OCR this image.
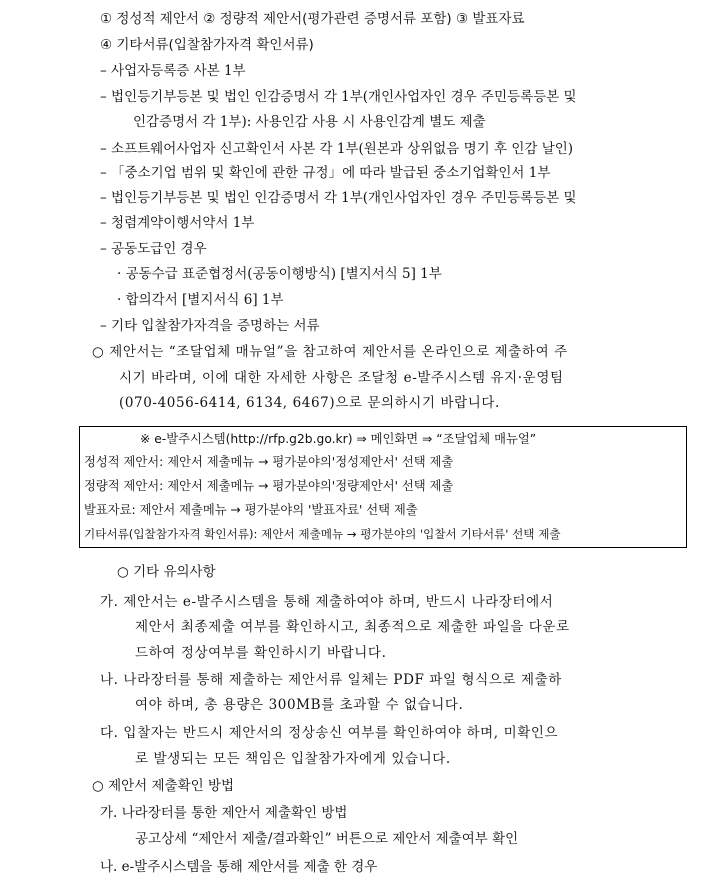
① 정성적 제안서 ② 정량적 제안서(평가관련 증명서류 포함) ③ 발표자료
④ 기타서류(입찰참가자격 확인서류)
– 사업자등록증 사본 1부
– 법인등기부등본 및 법인 인감증명서 각 1부(개인사업자인 경우 주민등록등본 및
인감증명서 각 1부): 사용인감 사용 시 사용인감계 별도 제출
– 소프트웨어사업자 신고확인서 사본 각 1부(원본과 상위없음 명기 후 인감 날인)
– 「중소기업 범위 및 확인에 관한 규정」에 따라 발급된 중소기업확인서 1부
– 법인등기부등본 및 법인 인감증명서 각 1부(개인사업자인 경우 주민등록등본 및
– 청렴계약이행서약서 1부
– 공동도급인 경우
· 공동수급 표준협정서(공동이행방식) [별지서식 5] 1부
· 합의각서 [별지서식 6] 1부
– 기타 입찰참가자격을 증명하는 서류
○ 제안서는 “조달업체 매뉴얼”을 참고하여 제안서를 온라인으로 제출하여 주
시기 바라며, 이에 대한 자세한 사항은 조달청 e-발주시스템 유지·운영팀
(070-4056-6414, 6134, 6467)으로 문의하시기 바랍니다.
※ e-발주시스템(http://rfp.g2b.go.kr) ⇒ 메인화면 ⇒ “조달업체 매뉴얼”
정성적 제안서: 제안서 제출메뉴 → 평가분야의'정성제안서' 선택 제출
정량적 제안서: 제안서 제출메뉴 → 평가분야의'정량제안서' 선택 제출
발표자료: 제안서 제출메뉴 → 평가분야의 '발표자료' 선택 제출
기타서류(입찰참가자격 확인서류): 제안서 제출메뉴 → 평가분야의 '입찰서 기타서류' 선택 제출
○ 기타 유의사항
가. 제안서는 e-발주시스템을 통해 제출하여야 하며, 반드시 나라장터에서
제안서 최종제출 여부를 확인하시고, 최종적으로 제출한 파일을 다운로
드하여 정상여부를 확인하시기 바랍니다.
나. 나라장터를 통해 제출하는 제안서류 일체는 PDF 파일 형식으로 제출하
여야 하며, 총 용량은 300MB를 초과할 수 없습니다.
다. 입찰자는 반드시 제안서의 정상송신 여부를 확인하여야 하며, 미확인으
로 발생되는 모든 책임은 입찰참가자에게 있습니다.
○ 제안서 제출확인 방법
가. 나라장터를 통한 제안서 제출확인 방법
공고상세 “제안서 제출/결과확인” 버튼으로 제안서 제출여부 확인
나. e-발주시스템을 통해 제안서를 제출 한 경우
